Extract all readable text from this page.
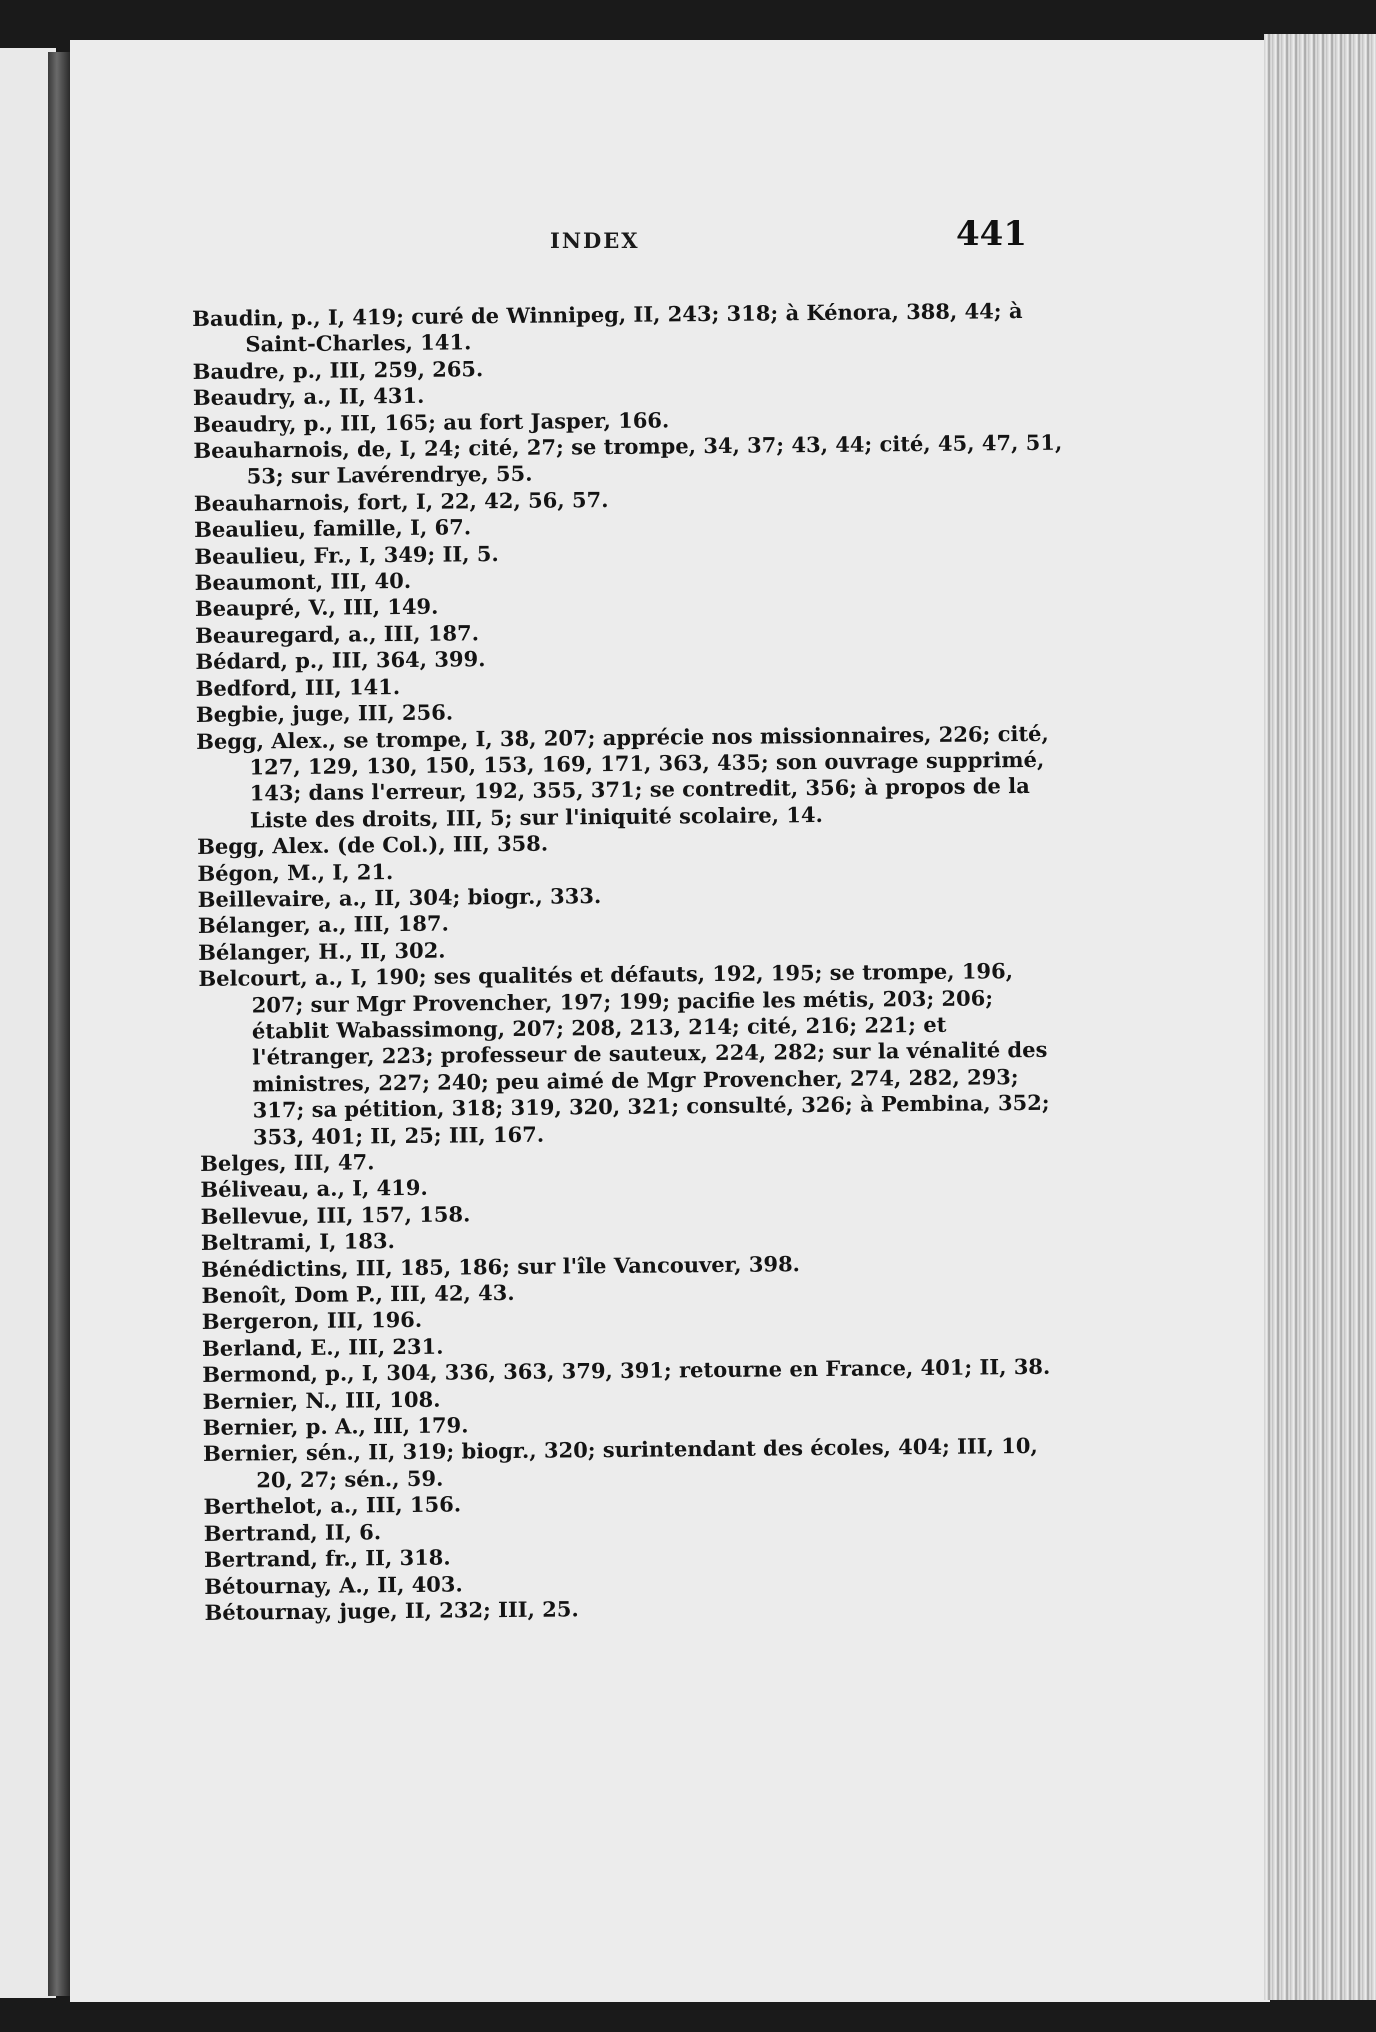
INDEX	441

Baudin, p., I, 419; curé de Winnipeg, II, 243; 318; à Kénora, 388, 44; à Saint-Charles, 141.

Baudre, p., III, 259, 265.

Beaudry, a., II, 431.

Beaudry, p., III, 165; au fort Jasper, 166.

Beauharnois, de, I, 24; cité, 27; se trompe, 34, 37; 43, 44; cité, 45, 47, 51, 53; sur Lavérendrye, 55.

Beauharnois, fort, I, 22, 42, 56, 57.

Beaulieu, famille, I, 67.

Beaulieu, Fr., I, 349; II, 5.

Beaumont, III, 40.

Beaupré, V., III, 149.

Beauregard, a., III, 187.

Bédard, p., III, 364, 399.

Bedford, III, 141.

Begbie, juge, III, 256.

Begg, Alex., se trompe, I, 38, 207; apprécie nos missionnaires, 226; cité, 127, 129, 130, 150, 153, 169, 171, 363, 435; son ouvrage supprimé, 143; dans l'erreur, 192, 355, 371; se contredit, 356; à propos de la Liste des droits, III, 5; sur l'iniquité scolaire, 14.

Begg, Alex. (de Col.), III, 358.

Bégon, M., I, 21.

Beillevaire, a., II, 304; biogr., 333.

Bélanger, a., III, 187.

Bélanger, H., II, 302.

Belcourt, a., I, 190; ses qualités et défauts, 192, 195; se trompe, 196, 207; sur Mgr Provencher, 197; 199; pacifie les métis, 203; 206; établit Wabassimong, 207; 208, 213, 214; cité, 216; 221; et l'étranger, 223; professeur de sauteux, 224, 282; sur la vénalité des ministres, 227; 240; peu aimé de Mgr Provencher, 274, 282, 293; 317; sa pétition, 318; 319, 320, 321; consulté, 326; à Pembina, 352; 353, 401; II, 25; III, 167.

Belges, III, 47.

Béliveau, a., I, 419.

Bellevue, III, 157, 158.

Beltrami, I, 183.

Bénédictins, III, 185, 186; sur l'île Vancouver, 398.

Benoît, Dom P., III, 42, 43.

Bergeron, III, 196.

Berland, E., III, 231.

Bermond, p., I, 304, 336, 363, 379, 391; retourne en France, 401; II, 38.

Bernier, N., III, 108.

Bernier, p. A., III, 179.

Bernier, sén., II, 319; biogr., 320; surintendant des écoles, 404; III, 10, 20, 27; sén., 59.

Berthelot, a., III, 156.

Bertrand, II, 6.

Bertrand, fr., II, 318.

Bétournay, A., II, 403.

Bétournay, juge, II, 232; III, 25.
